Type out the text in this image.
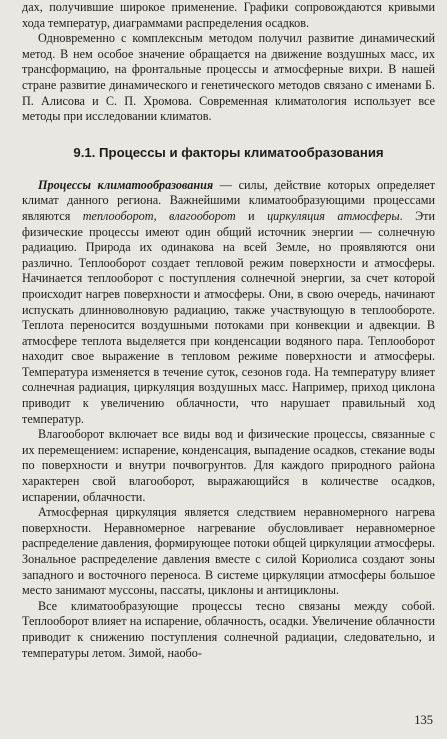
дах, получившие широкое применение. Графики сопровождаются кривыми хода температур, диаграммами распределения осадков.

Одновременно с комплексным методом получил развитие динамический метод. В нем особое значение обращается на движение воздушных масс, их трансформацию, на фронтальные процессы и атмосферные вихри. В нашей стране развитие динамического и генетического методов связано с именами Б. П. Алисова и С. П. Хромова. Современная климатология использует все методы при исследовании климатов.

9.1. Процессы и факторы климатообразования

Процессы климатообразования — силы, действие которых определяет климат данного региона. Важнейшими климатообразующими процессами являются теплооборот, влагооборот и циркуляция атмосферы. Эти физические процессы имеют один общий источник энергии — солнечную радиацию. Природа их одинакова на всей Земле, но проявляются они различно. Теплооборот создает тепловой режим поверхности и атмосферы. Начинается теплооборот с поступления солнечной энергии, за счет которой происходит нагрев поверхности и атмосферы. Они, в свою очередь, начинают испускать длинноволновую радиацию, также участвующую в теплообороте. Теплота переносится воздушными потоками при конвекции и адвекции. В атмосфере теплота выделяется при конденсации водяного пара. Теплооборот находит свое выражение в тепловом режиме поверхности и атмосферы. Температура изменяется в течение суток, сезонов года. На температуру влияет солнечная радиация, циркуляция воздушных масс. Например, приход циклона приводит к увеличению облачности, что нарушает правильный ход температур.

Влагооборот включает все виды вод и физические процессы, связанные с их перемещением: испарение, конденсация, выпадение осадков, стекание воды по поверхности и внутри почвогрунтов. Для каждого природного района характерен свой влагооборот, выражающийся в количестве осадков, испарении, облачности.

Атмосферная циркуляция является следствием неравномерного нагрева поверхности. Неравномерное нагревание обусловливает неравномерное распределение давления, формирующее потоки общей циркуляции атмосферы. Зональное распределение давления вместе с силой Кориолиса создают зоны западного и восточного переноса. В системе циркуляции атмосферы большое место занимают муссоны, пассаты, циклоны и антициклоны.

Все климатообразующие процессы тесно связаны между собой. Теплооборот влияет на испарение, облачность, осадки. Увеличение облачности приводит к снижению поступления солнечной радиации, следовательно, и температуры летом. Зимой, наобо-

135
